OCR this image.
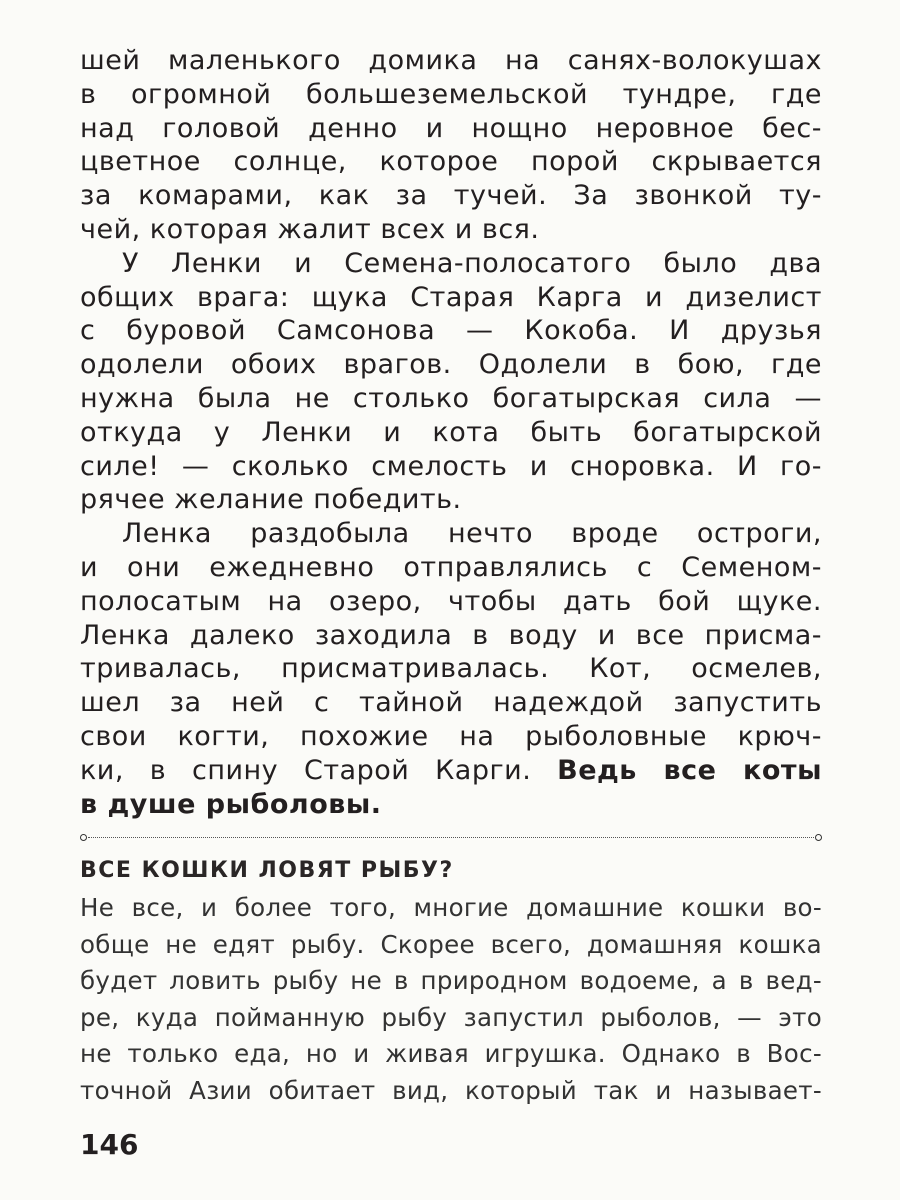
шей маленького домика на санях-волокушах
в огромной большеземельской тундре, где
над головой денно и нощно неровное бес-
цветное солнце, которое порой скрывается
за комарами, как за тучей. За звонкой ту-
чей, которая жалит всех и вся.
У Ленки и Семена-полосатого было два
общих врага: щука Старая Карга и дизелист
с буровой Самсонова — Кокоба. И друзья
одолели обоих врагов. Одолели в бою, где
нужна была не столько богатырская сила —
откуда у Ленки и кота быть богатырской
силе! — сколько смелость и сноровка. И го-
рячее желание победить.
Ленка раздобыла нечто вроде остроги,
и они ежедневно отправлялись с Семеном-
полосатым на озеро, чтобы дать бой щуке.
Ленка далеко заходила в воду и все присма-
тривалась, присматривалась. Кот, осмелев,
шел за ней с тайной надеждой запустить
свои когти, похожие на рыболовные крюч-
ки, в спину Старой Карги. Ведь все коты
в душе рыболовы.
ВСЕ КОШКИ ЛОВЯТ РЫБУ?
Не все, и более того, многие домашние кошки во-
обще не едят рыбу. Скорее всего, домашняя кошка
будет ловить рыбу не в природном водоеме, а в вед-
ре, куда пойманную рыбу запустил рыболов, — это
не только еда, но и живая игрушка. Однако в Вос-
точной Азии обитает вид, который так и называет-
146
